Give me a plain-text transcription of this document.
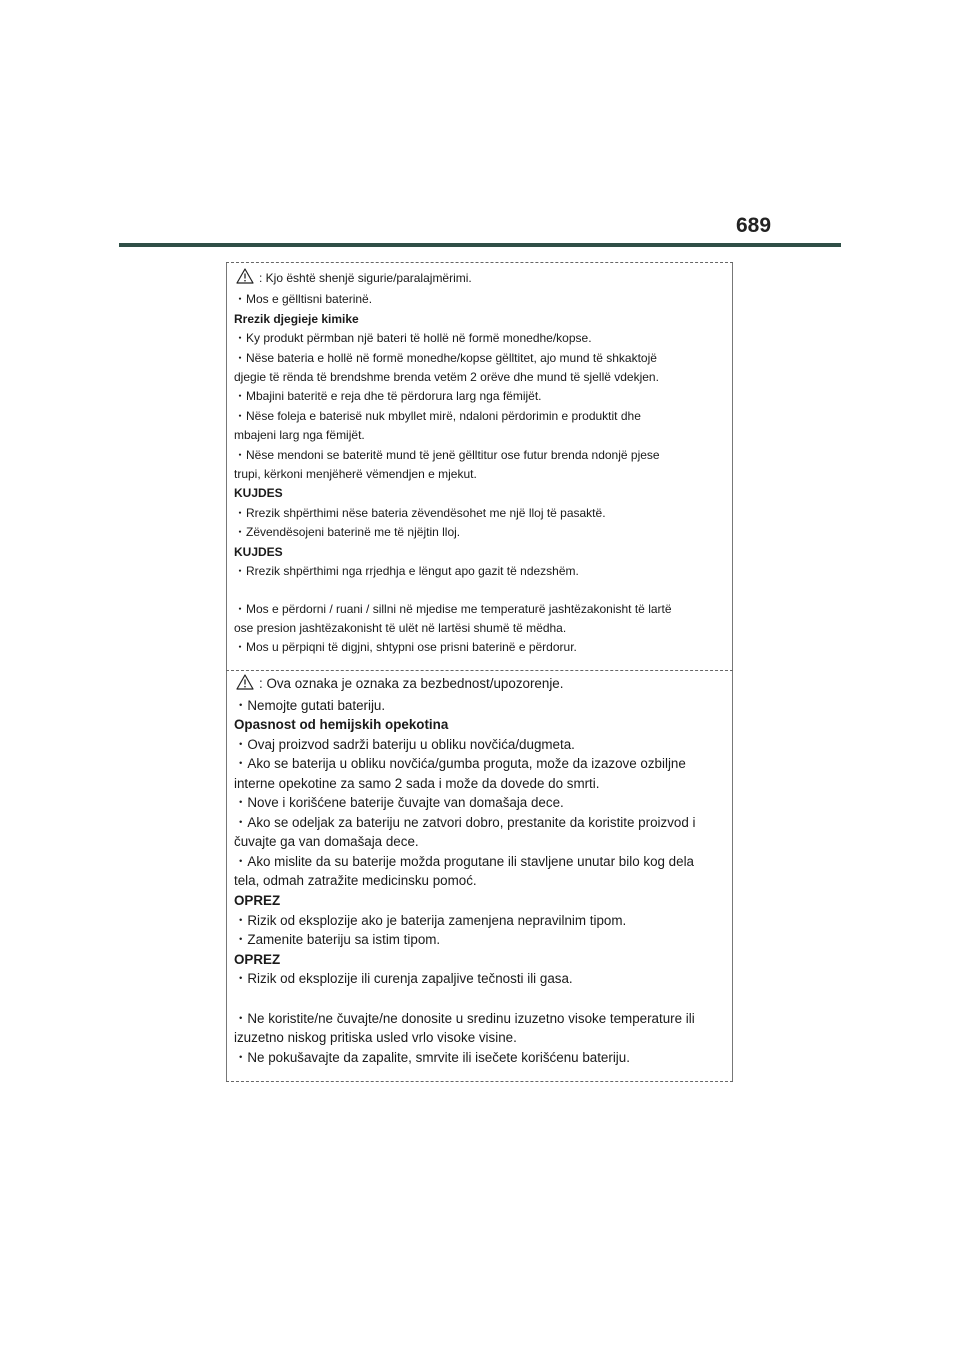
689
: Kjo është shenjë sigurie/paralajmërimi.
・Mos e gëlltisni baterinë.
Rrezik djegieje kimike
・Ky produkt përmban një bateri të hollë në formë monedhe/kopse.
・Nëse bateria e hollë në formë monedhe/kopse gëlltitet, ajo mund të shkaktojë
djegie të rënda të brendshme brenda vetëm 2 orëve dhe mund të sjellë vdekjen.
・Mbajini bateritë e reja dhe të përdorura larg nga fëmijët.
・Nëse foleja e baterisë nuk mbyllet mirë, ndaloni përdorimin e produktit dhe
mbajeni larg nga fëmijët.
・Nëse mendoni se bateritë mund të jenë gëlltitur ose futur brenda ndonjë pjese
trupi, kërkoni menjëherë vëmendjen e mjekut.
KUJDES
・Rrezik shpërthimi nëse bateria zëvendësohet me një lloj të pasaktë.
・Zëvendësojeni baterinë me të njëjtin lloj.
KUJDES
・Rrezik shpërthimi nga rrjedhja e lëngut apo gazit të ndezshëm.
・Mos e përdorni / ruani / sillni në mjedise me temperaturë jashtëzakonisht të lartë
ose presion jashtëzakonisht të ulët në lartësi shumë të mëdha.
・Mos u përpiqni të digjni, shtypni ose prisni baterinë e përdorur.
: Ova oznaka je oznaka za bezbednost/upozorenje.
・Nemojte gutati bateriju.
Opasnost od hemijskih opekotina
・Ovaj proizvod sadrži bateriju u obliku novčića/dugmeta.
・Ako se baterija u obliku novčića/gumba proguta, može da izazove ozbiljne
interne opekotine za samo 2 sada i može da dovede do smrti.
・Nove i korišćene baterije čuvajte van domašaja dece.
・Ako se odeljak za bateriju ne zatvori dobro, prestanite da koristite proizvod i
čuvajte ga van domašaja dece.
・Ako mislite da su baterije možda progutane ili stavljene unutar bilo kog dela
tela, odmah zatražite medicinsku pomoć.
OPREZ
・Rizik od eksplozije ako je baterija zamenjena nepravilnim tipom.
・Zamenite bateriju sa istim tipom.
OPREZ
・Rizik od eksplozije ili curenja zapaljive tečnosti ili gasa.
・Ne koristite/ne čuvajte/ne donosite u sredinu izuzetno visoke temperature ili
izuzetno niskog pritiska usled vrlo visoke visine.
・Ne pokušavajte da zapalite, smrvite ili isečete korišćenu bateriju.
